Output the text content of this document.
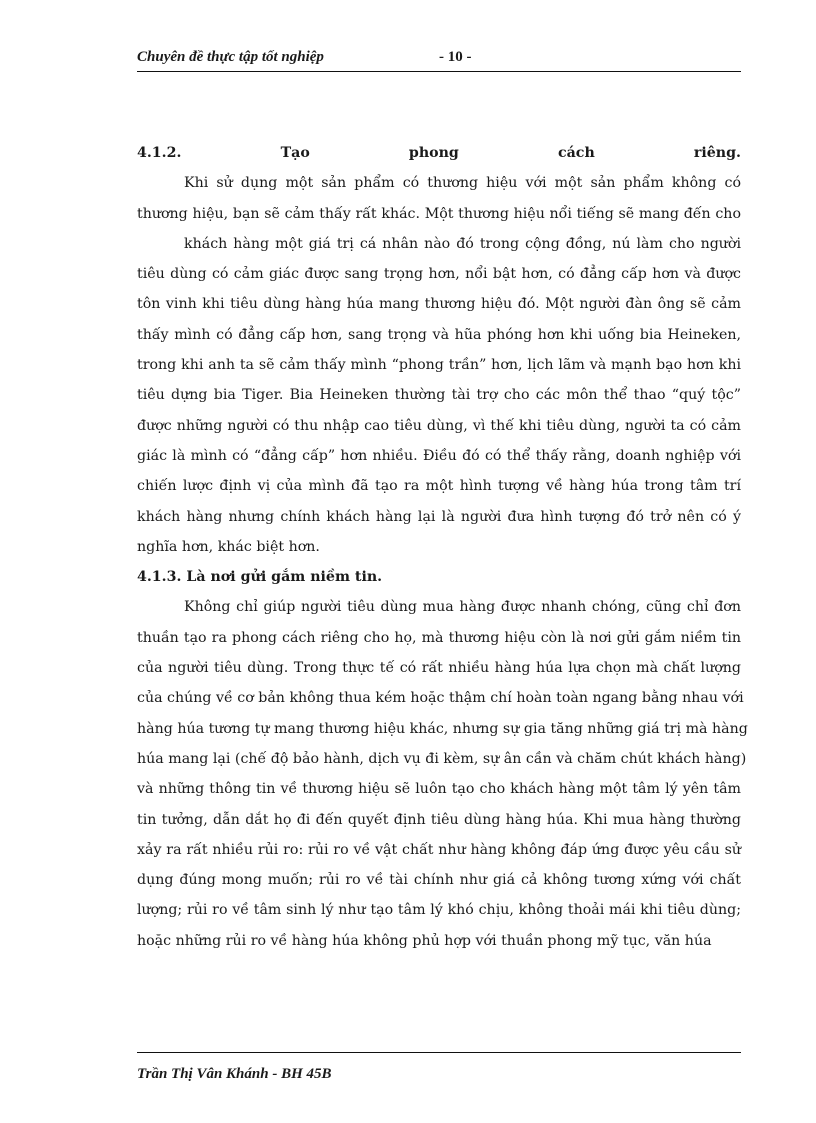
Chuyên đề thực tập tốt nghiệp	- 10 -
4.1.2.	Tạo	phong	cách	riêng.
Khi sử dụng một sản phẩm có thương hiệu với một sản phẩm không có
thương hiệu, bạn sẽ cảm thấy rất khác. Một thương hiệu nổi tiếng sẽ mang đến cho
khách hàng một giá trị cá nhân nào đó trong cộng đồng, nú làm cho người
tiêu dùng có cảm giác được sang trọng hơn, nổi bật hơn, có đẳng cấp hơn và được
tôn vinh khi tiêu dùng hàng húa mang thương hiệu đó. Một người đàn ông sẽ cảm
thấy mình có đẳng cấp hơn, sang trọng và hũa phóng hơn khi uống bia Heineken,
trong khi anh ta sẽ cảm thấy mình “phong trần” hơn, lịch lãm và mạnh bạo hơn khi
tiêu dựng bia Tiger. Bia Heineken thường tài trợ cho các môn thể thao “quý tộc”
được những người có thu nhập cao tiêu dùng, vì thế khi tiêu dùng, người ta có cảm
giác là mình có “đẳng cấp” hơn nhiều. Điều đó có thể thấy rằng, doanh nghiệp với
chiến lược định vị của mình đã tạo ra một hình tượng về hàng húa trong tâm trí
khách hàng nhưng chính khách hàng lại là người đưa hình tượng đó trở nên có ý
nghĩa hơn, khác biệt hơn.
4.1.3. Là nơi gửi gắm niềm tin.
Không chỉ giúp người tiêu dùng mua hàng được nhanh chóng, cũng chỉ đơn
thuần tạo ra phong cách riêng cho họ, mà thương hiệu còn là nơi gửi gắm niềm tin
của người tiêu dùng. Trong thực tế có rất nhiều hàng húa lựa chọn mà chất lượng
của chúng về cơ bản không thua kém hoặc thậm chí hoàn toàn ngang bằng nhau với
hàng húa tương tự mang thương hiệu khác, nhưng sự gia tăng những giá trị mà hàng
húa mang lại (chế độ bảo hành, dịch vụ đi kèm, sự ân cần và chăm chút khách hàng)
và những thông tin về thương hiệu sẽ luôn tạo cho khách hàng một tâm lý yên tâm
tin tưởng, dẫn dắt họ đi đến quyết định tiêu dùng hàng húa. Khi mua hàng thường
xảy ra rất nhiều rủi ro: rủi ro về vật chất như hàng không đáp ứng được yêu cầu sử
dụng đúng mong muốn; rủi ro về tài chính như giá cả không tương xứng với chất
lượng; rủi ro về tâm sinh lý như tạo tâm lý khó chịu, không thoải mái khi tiêu dùng;
hoặc những rủi ro về hàng húa không phủ hợp với thuần phong mỹ tục, văn húa
Trần Thị Vân Khánh - BH 45B
